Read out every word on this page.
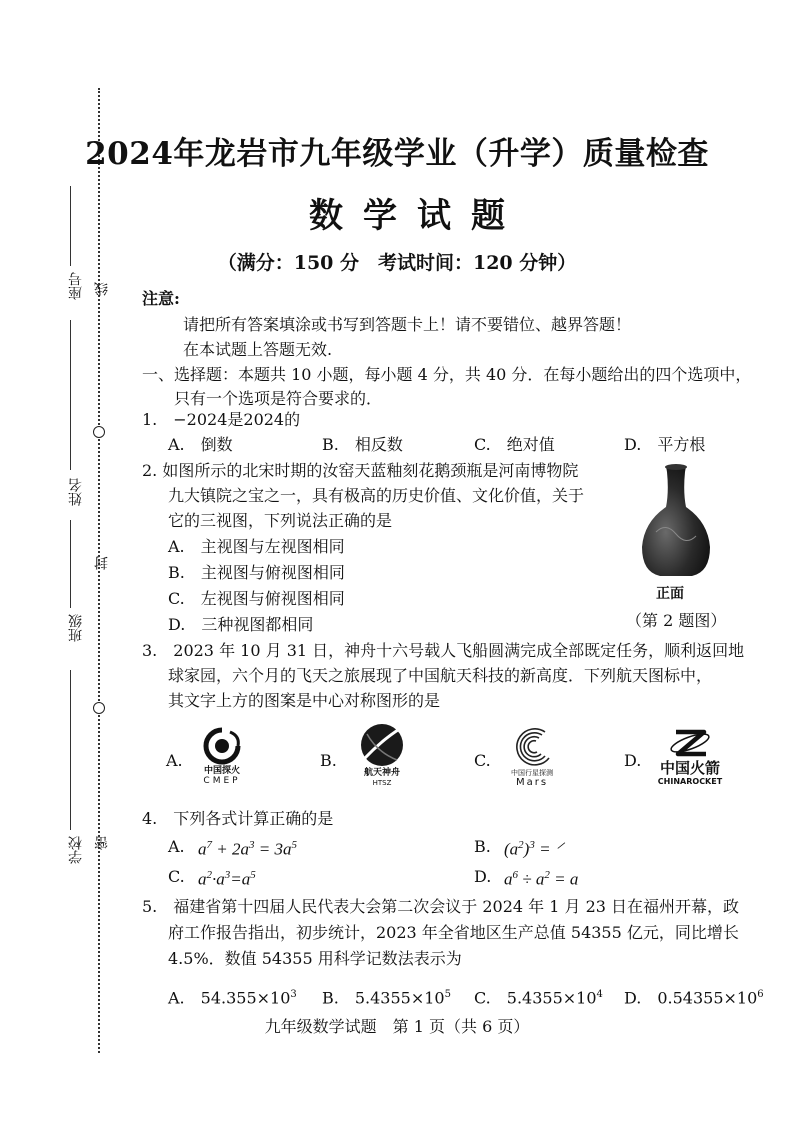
座号 线
姓名
封
班级
学校 密
2024年龙岩市九年级学业（升学）质量检查
数学试题
（满分：150 分　考试时间：120 分钟）
注意:
请把所有答案填涂或书写到答题卡上！请不要错位、越界答题！
在本试题上答题无效.
一、选择题：本题共 10 小题，每小题 4 分，共 40 分．在每小题给出的四个选项中，
只有一个选项是符合要求的．
1.　−2024是2024的
A.　倒数	B.　相反数	C.　绝对值	D.　平方根
2. 如图所示的北宋时期的汝窑天蓝釉刻花鹅颈瓶是河南博物院
九大镇院之宝之一，具有极高的历史价值、文化价值，关于
它的三视图，下列说法正确的是
A.　主视图与左视图相同
B.　主视图与俯视图相同
C.　左视图与俯视图相同
D.　三种视图都相同
正面
（第 2 题图）
3.　2023 年 10 月 31 日，神舟十六号载人飞船圆满完成全部既定任务，顺利返回地
球家园，六个月的飞天之旅展现了中国航天科技的新高度．下列航天图标中，
其文字上方的图案是中心对称图形的是
A.
中国探火
CMEP
B.
航天神舟
HTSZ
C.
中国行星探测
Mars
D. 中国火箭
CHINAROCKET
4.　下列各式计算正确的是
A. $a^7 + 2a^3 = 3a^5$	B. $(a^2)^3$ = ⸍
C. $a^2\cdot a^3=a^5$	D. $a^6 \div a^2 = a$
5.　福建省第十四届人民代表大会第二次会议于 2024 年 1 月 23 日在福州开幕，政
府工作报告指出，初步统计，2023 年全省地区生产总值 54355 亿元，同比增长
4.5%．数值 54355 用科学记数法表示为
A.　$54.355\times 10^3$ B.　$5.4355\times 10^5$ C.　$5.4355\times 10^4$ D.　$0.54355\times 10^6$
九年级数学试题　第 1 页（共 6 页）
